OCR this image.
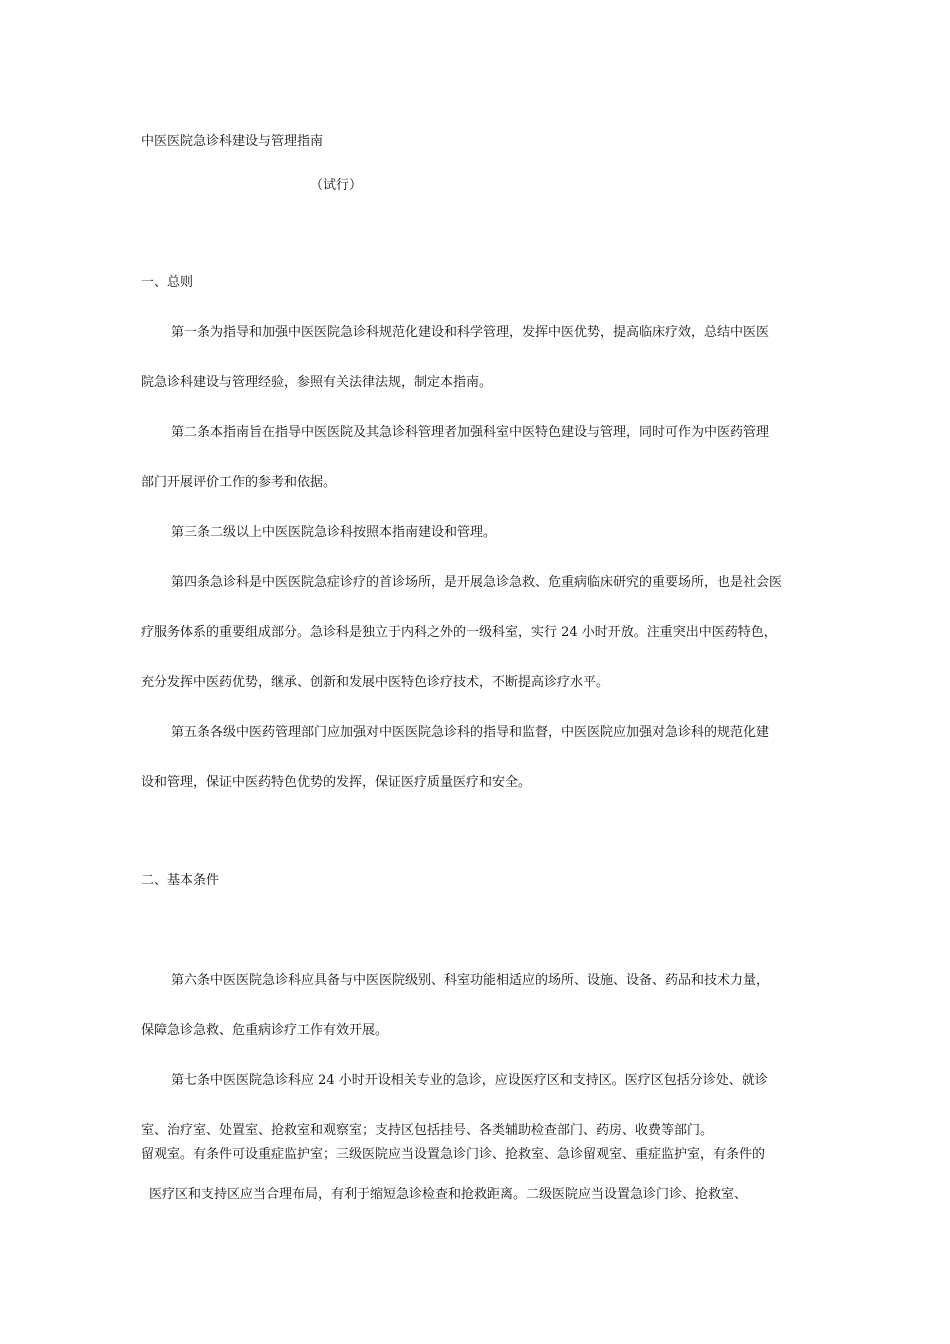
中医医院急诊科建设与管理指南
（试行）
一、总则
第一条为指导和加强中医医院急诊科规范化建设和科学管理，发挥中医优势，提高临床疗效，总结中医医
院急诊科建设与管理经验，参照有关法律法规，制定本指南。
第二条本指南旨在指导中医医院及其急诊科管理者加强科室中医特色建设与管理，同时可作为中医药管理
部门开展评价工作的参考和依据。
第三条二级以上中医医院急诊科按照本指南建设和管理。
第四条急诊科是中医医院急症诊疗的首诊场所，是开展急诊急救、危重病临床研究的重要场所，也是社会医
疗服务体系的重要组成部分。急诊科是独立于内科之外的一级科室，实行 24 小时开放。注重突出中医药特色，
充分发挥中医药优势，继承、创新和发展中医特色诊疗技术，不断提高诊疗水平。
第五条各级中医药管理部门应加强对中医医院急诊科的指导和监督，中医医院应加强对急诊科的规范化建
设和管理，保证中医药特色优势的发挥，保证医疗质量医疗和安全。
二、基本条件
第六条中医医院急诊科应具备与中医医院级别、科室功能相适应的场所、设施、设备、药品和技术力量，
保障急诊急救、危重病诊疗工作有效开展。
第七条中医医院急诊科应 24 小时开设相关专业的急诊，应设医疗区和支持区。医疗区包括分诊处、就诊
室、治疗室、处置室、抢救室和观察室；支持区包括挂号、各类辅助检查部门、药房、收费等部门。
留观室。有条件可设重症监护室；三级医院应当设置急诊门诊、抢救室、急诊留观室、重症监护室，有条件的
医疗区和支持区应当合理布局，有利于缩短急诊检查和抢救距离。二级医院应当设置急诊门诊、抢救室、
